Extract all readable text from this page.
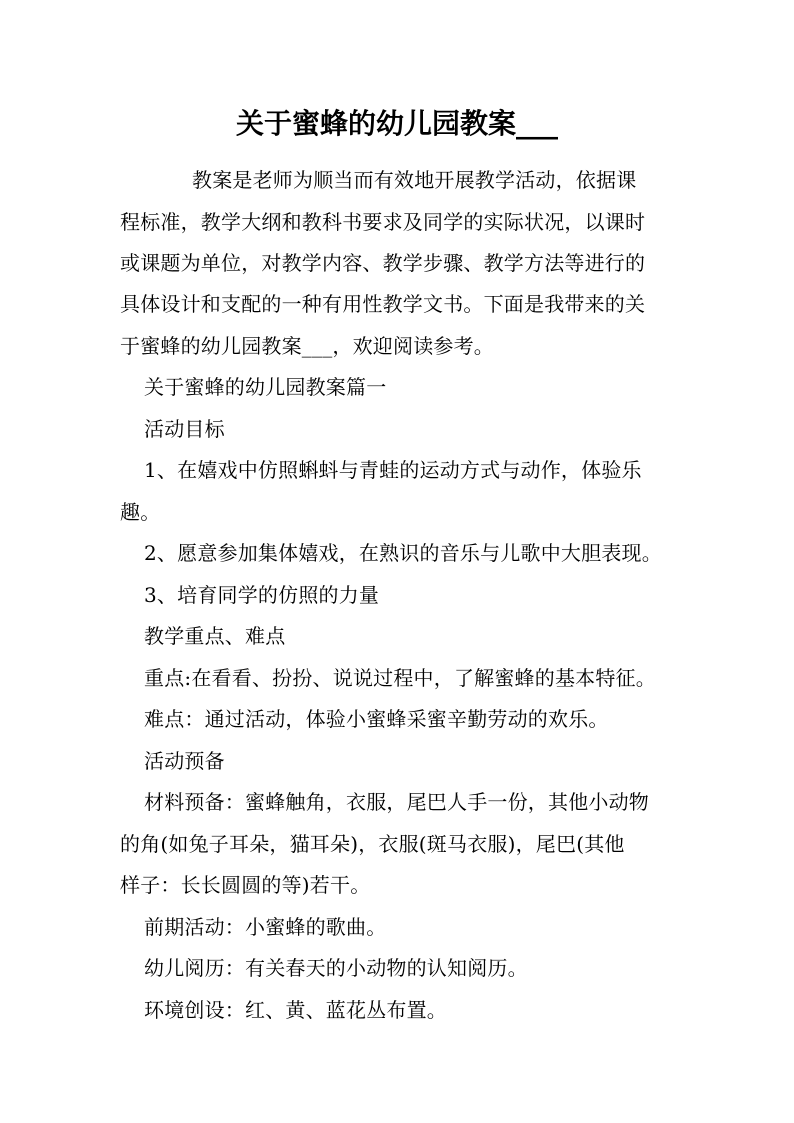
关于蜜蜂的幼儿园教案___
教案是老师为顺当而有效地开展教学活动，依据课
程标准，教学大纲和教科书要求及同学的实际状况，以课时
或课题为单位，对教学内容、教学步骤、教学方法等进行的
具体设计和支配的一种有用性教学文书。下面是我带来的关
于蜜蜂的幼儿园教案___，欢迎阅读参考。
关于蜜蜂的幼儿园教案篇一
活动目标
1、在嬉戏中仿照蝌蚪与青蛙的运动方式与动作，体验乐
趣。
2、愿意参加集体嬉戏，在熟识的音乐与儿歌中大胆表现。
3、培育同学的仿照的力量
教学重点、难点
重点:在看看、扮扮、说说过程中，了解蜜蜂的基本特征。
难点：通过活动，体验小蜜蜂采蜜辛勤劳动的欢乐。
活动预备
材料预备：蜜蜂触角，衣服，尾巴人手一份，其他小动物
的角(如兔子耳朵，猫耳朵)，衣服(斑马衣服)，尾巴(其他
样子：长长圆圆的等)若干。
前期活动：小蜜蜂的歌曲。
幼儿阅历：有关春天的小动物的认知阅历。
环境创设：红、黄、蓝花丛布置。
